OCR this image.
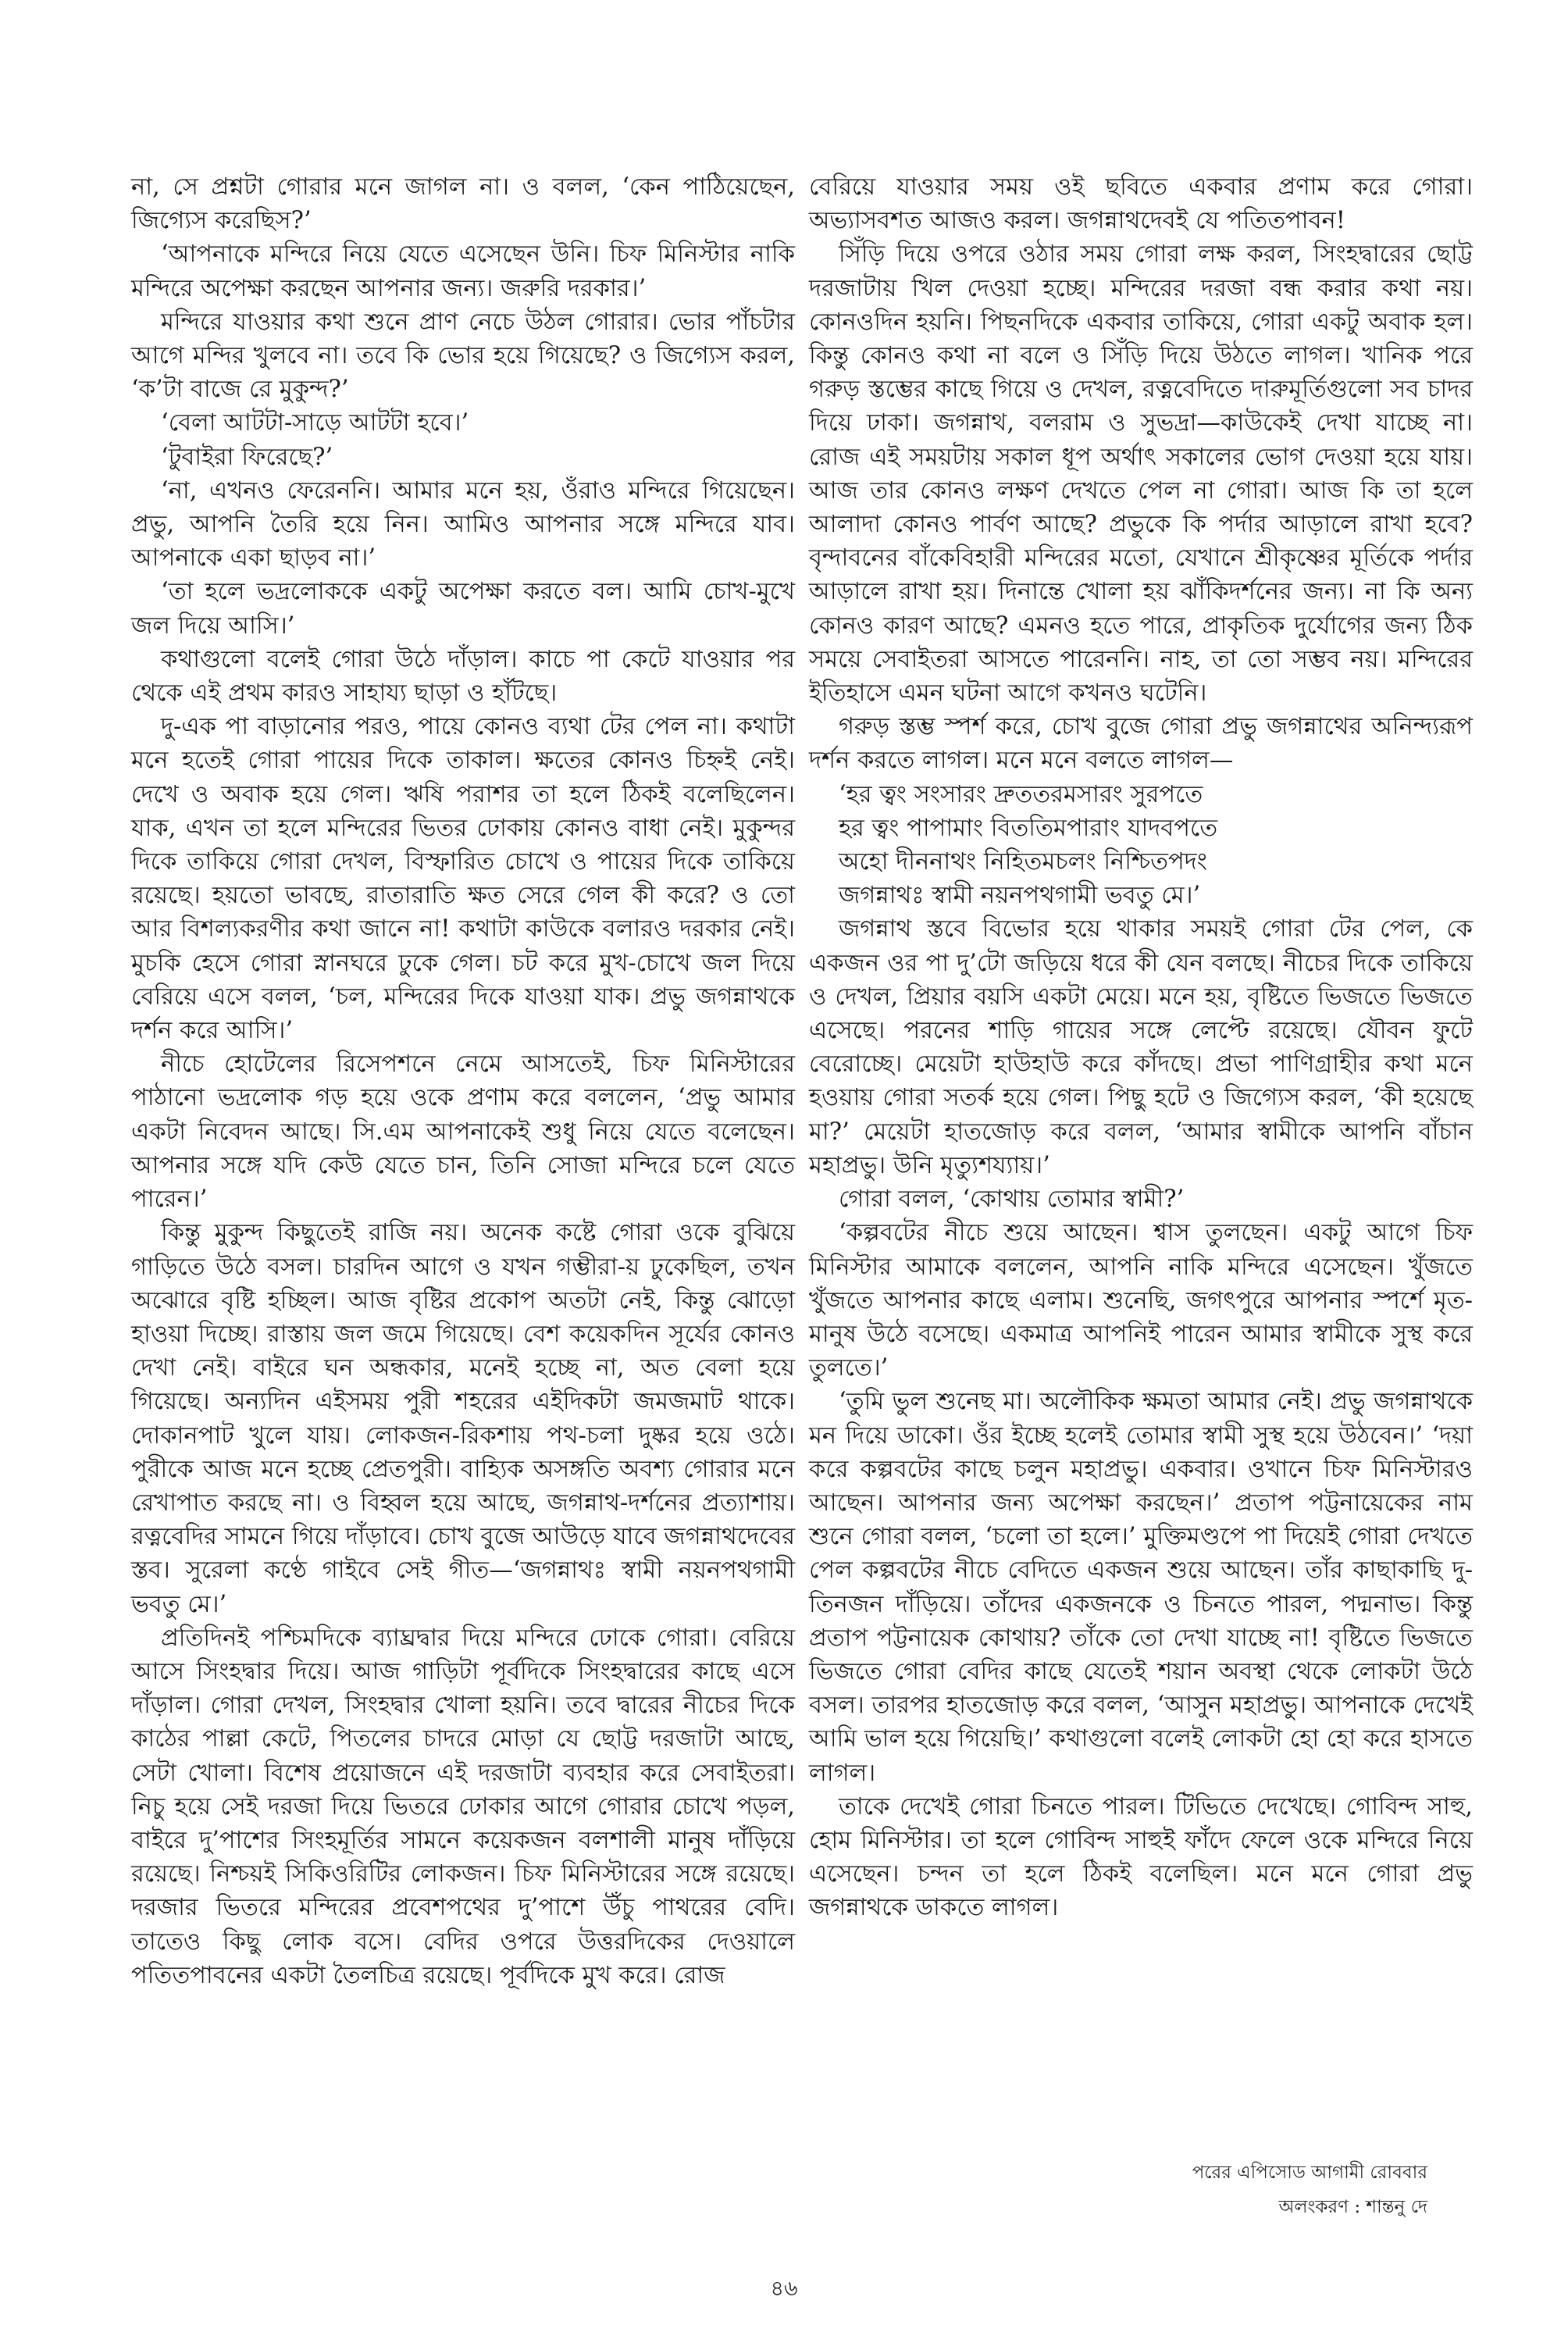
না, সে প্রশ্নটা গোরার মনে জাগল না। ও বলল, ‘কেন পাঠিয়েছেন, জিগ্যেস করেছিস?’

‘আপনাকে মন্দিরে নিয়ে যেতে এসেছেন উনি। চিফ মিনিস্টার নাকি মন্দিরে অপেক্ষা করছেন আপনার জন্য। জরুরি দরকার।’

মন্দিরে যাওয়ার কথা শুনে প্রাণ নেচে উঠল গোরার। ভোর পাঁচটার আগে মন্দির খুলবে না। তবে কি ভোর হয়ে গিয়েছে? ও জিগ্যেস করল, ‘ক’টা বাজে রে মুকুন্দ?’

‘বেলা আটটা-সাড়ে আটটা হবে।’

‘টুবাইরা ফিরেছে?’

‘না, এখনও ফেরেননি। আমার মনে হয়, ওঁরাও মন্দিরে গিয়েছেন। প্রভু, আপনি তৈরি হয়ে নিন। আমিও আপনার সঙ্গে মন্দিরে যাব। আপনাকে একা ছাড়ব না।’

‘তা হলে ভদ্রলোককে একটু অপেক্ষা করতে বল। আমি চোখ-মুখে জল দিয়ে আসি।’

কথাগুলো বলেই গোরা উঠে দাঁড়াল। কাচে পা কেটে যাওয়ার পর থেকে এই প্রথম কারও সাহায্য ছাড়া ও হাঁটছে।

দু-এক পা বাড়ানোর পরও, পায়ে কোনও ব্যথা টের পেল না। কথাটা মনে হতেই গোরা পায়ের দিকে তাকাল। ক্ষতের কোনও চিহ্নই নেই। দেখে ও অবাক হয়ে গেল। ঋষি পরাশর তা হলে ঠিকই বলেছিলেন। যাক, এখন তা হলে মন্দিরের ভিতর ঢোকায় কোনও বাধা নেই। মুকুন্দর দিকে তাকিয়ে গোরা দেখল, বিস্ফারিত চোখে ও পায়ের দিকে তাকিয়ে রয়েছে। হয়তো ভাবছে, রাতারাতি ক্ষত সেরে গেল কী করে? ও তো আর বিশল্যকরণীর কথা জানে না! কথাটা কাউকে বলারও দরকার নেই। মুচকি হেসে গোরা স্নানঘরে ঢুকে গেল। চট করে মুখ-চোখে জল দিয়ে বেরিয়ে এসে বলল, ‘চল, মন্দিরের দিকে যাওয়া যাক। প্রভু জগন্নাথকে দর্শন করে আসি।’

নীচে হোটেলের রিসেপশনে নেমে আসতেই, চিফ মিনিস্টারের পাঠানো ভদ্রলোক গড় হয়ে ওকে প্রণাম করে বললেন, ‘প্রভু আমার একটা নিবেদন আছে। সি.এম আপনাকেই শুধু নিয়ে যেতে বলেছেন। আপনার সঙ্গে যদি কেউ যেতে চান, তিনি সোজা মন্দিরে চলে যেতে পারেন।’

কিন্তু মুকুন্দ কিছুতেই রাজি নয়। অনেক কষ্টে গোরা ওকে বুঝিয়ে গাড়িতে উঠে বসল। চারদিন আগে ও যখন গম্ভীরা-য় ঢুকেছিল, তখন অঝোরে বৃষ্টি হচ্ছিল। আজ বৃষ্টির প্রকোপ অতটা নেই, কিন্তু ঝোড়ো হাওয়া দিচ্ছে। রাস্তায় জল জমে গিয়েছে। বেশ কয়েকদিন সূর্যের কোনও দেখা নেই। বাইরে ঘন অন্ধকার, মনেই হচ্ছে না, অত বেলা হয়ে গিয়েছে। অন্যদিন এইসময় পুরী শহরের এইদিকটা জমজমাট থাকে। দোকানপাট খুলে যায়। লোকজন-রিকশায় পথ-চলা দুষ্কর হয়ে ওঠে। পুরীকে আজ মনে হচ্ছে প্রেতপুরী। বাহ্যিক অসঙ্গতি অবশ্য গোরার মনে রেখাপাত করছে না। ও বিহ্বল হয়ে আছে, জগন্নাথ-দর্শনের প্রত্যাশায়। রত্নবেদির সামনে গিয়ে দাঁড়াবে। চোখ বুজে আউড়ে যাবে জগন্নাথদেবের স্তব। সুরেলা কণ্ঠে গাইবে সেই গীত—‘জগন্নাথঃ স্বামী নয়নপথগামী ভবতু মে।’

প্রতিদিনই পশ্চিমদিকে ব্যাঘ্রদ্বার দিয়ে মন্দিরে ঢোকে গোরা। বেরিয়ে আসে সিংহদ্বার দিয়ে। আজ গাড়িটা পূর্বদিকে সিংহদ্বারের কাছে এসে দাঁড়াল। গোরা দেখল, সিংহদ্বার খোলা হয়নি। তবে দ্বারের নীচের দিকে কাঠের পাল্লা কেটে, পিতলের চাদরে মোড়া যে ছোট্ট দরজাটা আছে, সেটা খোলা। বিশেষ প্রয়োজনে এই দরজাটা ব্যবহার করে সেবাইতরা। নিচু হয়ে সেই দরজা দিয়ে ভিতরে ঢোকার আগে গোরার চোখে পড়ল, বাইরে দু’পাশের সিংহমূর্তির সামনে কয়েকজন বলশালী মানুষ দাঁড়িয়ে রয়েছে। নিশ্চয়ই সিকিওরিটির লোকজন। চিফ মিনিস্টারের সঙ্গে রয়েছে। দরজার ভিতরে মন্দিরের প্রবেশপথের দু’পাশে উঁচু পাথরের বেদি। তাতেও কিছু লোক বসে। বেদির ওপরে উত্তরদিকের দেওয়ালে পতিতপাবনের একটা তৈলচিত্র রয়েছে। পূর্বদিকে মুখ করে। রোজ

বেরিয়ে যাওয়ার সময় ওই ছবিতে একবার প্রণাম করে গোরা। অভ্যাসবশত আজও করল। জগন্নাথদেবই যে পতিতপাবন!

সিঁড়ি দিয়ে ওপরে ওঠার সময় গোরা লক্ষ করল, সিংহদ্বারের ছোট্ট দরজাটায় খিল দেওয়া হচ্ছে। মন্দিরের দরজা বন্ধ করার কথা নয়। কোনওদিন হয়নি। পিছনদিকে একবার তাকিয়ে, গোরা একটু অবাক হল। কিন্তু কোনও কথা না বলে ও সিঁড়ি দিয়ে উঠতে লাগল। খানিক পরে গরুড় স্তম্ভের কাছে গিয়ে ও দেখল, রত্নবেদিতে দারুমূর্তিগুলো সব চাদর দিয়ে ঢাকা। জগন্নাথ, বলরাম ও সুভদ্রা—কাউকেই দেখা যাচ্ছে না। রোজ এই সময়টায় সকাল ধূপ অর্থাৎ সকালের ভোগ দেওয়া হয়ে যায়। আজ তার কোনও লক্ষণ দেখতে পেল না গোরা। আজ কি তা হলে আলাদা কোনও পার্বণ আছে? প্রভুকে কি পর্দার আড়ালে রাখা হবে? বৃন্দাবনের বাঁকেবিহারী মন্দিরের মতো, যেখানে শ্রীকৃষ্ণের মূর্তিকে পর্দার আড়ালে রাখা হয়। দিনান্তে খোলা হয় ঝাঁকিদর্শনের জন্য। না কি অন্য কোনও কারণ আছে? এমনও হতে পারে, প্রাকৃতিক দুর্যোগের জন্য ঠিক সময়ে সেবাইতরা আসতে পারেননি। নাহ, তা তো সম্ভব নয়। মন্দিরের ইতিহাসে এমন ঘটনা আগে কখনও ঘটেনি।

গরুড় স্তম্ভ স্পর্শ করে, চোখ বুজে গোরা প্রভু জগন্নাথের অনিন্দ্যরূপ দর্শন করতে লাগল। মনে মনে বলতে লাগল—

‘হর ত্বং সংসারং দ্রুততরমসারং সুরপতে
হর ত্বং পাপামাং বিততিমপারাং যাদবপতে
অহো দীননাথং নিহিতমচলং নিশ্চিতপদং
জগন্নাথঃ স্বামী নয়নপথগামী ভবতু মে।’

জগন্নাথ স্তবে বিভোর হয়ে থাকার সময়ই গোরা টের পেল, কে একজন ওর পা দু’টো জড়িয়ে ধরে কী যেন বলছে। নীচের দিকে তাকিয়ে ও দেখল, প্রিয়ার বয়সি একটা মেয়ে। মনে হয়, বৃষ্টিতে ভিজতে ভিজতে এসেছে। পরনের শাড়ি গায়ের সঙ্গে লেপ্টে রয়েছে। যৌবন ফুটে বেরোচ্ছে। মেয়েটা হাউহাউ করে কাঁদছে। প্রভা পাণিগ্রাহীর কথা মনে হওয়ায় গোরা সতর্ক হয়ে গেল। পিছু হটে ও জিগ্যেস করল, ‘কী হয়েছে মা?’ মেয়েটা হাতজোড় করে বলল, ‘আমার স্বামীকে আপনি বাঁচান মহাপ্রভু। উনি মৃত্যুশয্যায়।’

গোরা বলল, ‘কোথায় তোমার স্বামী?’

‘কল্পবটের নীচে শুয়ে আছেন। শ্বাস তুলছেন। একটু আগে চিফ মিনিস্টার আমাকে বললেন, আপনি নাকি মন্দিরে এসেছেন। খুঁজতে খুঁজতে আপনার কাছে এলাম। শুনেছি, জগৎপুরে আপনার স্পর্শে মৃত-মানুষ উঠে বসেছে। একমাত্র আপনিই পারেন আমার স্বামীকে সুস্থ করে তুলতে।’

‘তুমি ভুল শুনেছ মা। অলৌকিক ক্ষমতা আমার নেই। প্রভু জগন্নাথকে মন দিয়ে ডাকো। ওঁর ইচ্ছে হলেই তোমার স্বামী সুস্থ হয়ে উঠবেন।’ ‘দয়া করে কল্পবটের কাছে চলুন মহাপ্রভু। একবার। ওখানে চিফ মিনিস্টারও আছেন। আপনার জন্য অপেক্ষা করছেন।’ প্রতাপ পট্টনায়েকের নাম শুনে গোরা বলল, ‘চলো তা হলে।’ মুক্তিমণ্ডপে পা দিয়েই গোরা দেখতে পেল কল্পবটের নীচে বেদিতে একজন শুয়ে আছেন। তাঁর কাছাকাছি দু-তিনজন দাঁড়িয়ে। তাঁদের একজনকে ও চিনতে পারল, পদ্মনাভ। কিন্তু প্রতাপ পট্টনায়েক কোথায়? তাঁকে তো দেখা যাচ্ছে না! বৃষ্টিতে ভিজতে ভিজতে গোরা বেদির কাছে যেতেই শয়ান অবস্থা থেকে লোকটা উঠে বসল। তারপর হাতজোড় করে বলল, ‘আসুন মহাপ্রভু। আপনাকে দেখেই আমি ভাল হয়ে গিয়েছি।’ কথাগুলো বলেই লোকটা হো হো করে হাসতে লাগল।

তাকে দেখেই গোরা চিনতে পারল। টিভিতে দেখেছে। গোবিন্দ সাহু, হোম মিনিস্টার। তা হলে গোবিন্দ সাহুই ফাঁদে ফেলে ওকে মন্দিরে নিয়ে এসেছেন। চন্দন তা হলে ঠিকই বলেছিল। মনে মনে গোরা প্রভু জগন্নাথকে ডাকতে লাগল।

পরের এপিসোড আগামী রোববার
অলংকরণ : শান্তনু দে
৪৬
